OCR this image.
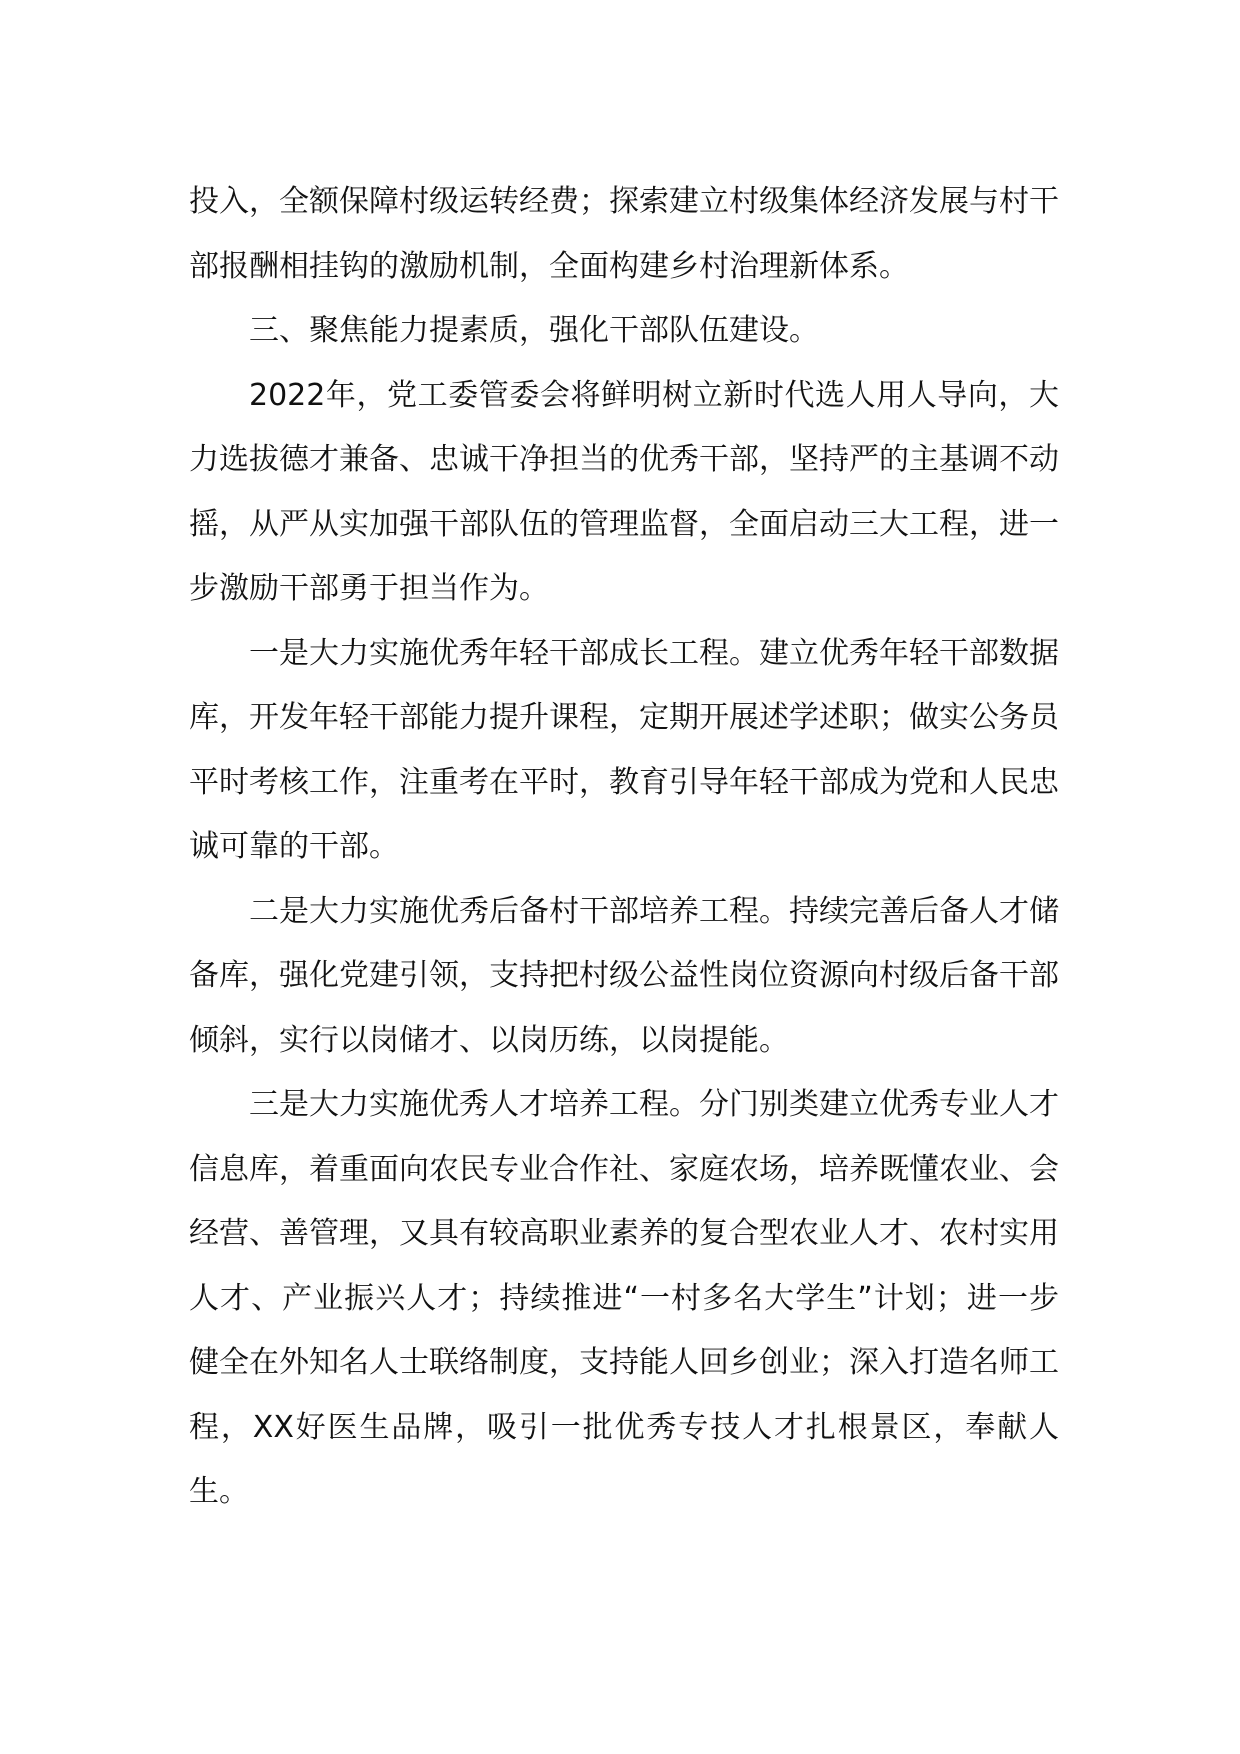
投入，全额保障村级运转经费；探索建立村级集体经济发展与村干部报酬相挂钩的激励机制，全面构建乡村治理新体系。

三、聚焦能力提素质，强化干部队伍建设。

2022年，党工委管委会将鲜明树立新时代选人用人导向，大力选拔德才兼备、忠诚干净担当的优秀干部，坚持严的主基调不动摇，从严从实加强干部队伍的管理监督，全面启动三大工程，进一步激励干部勇于担当作为。

一是大力实施优秀年轻干部成长工程。建立优秀年轻干部数据库，开发年轻干部能力提升课程，定期开展述学述职；做实公务员平时考核工作，注重考在平时，教育引导年轻干部成为党和人民忠诚可靠的干部。

二是大力实施优秀后备村干部培养工程。持续完善后备人才储备库，强化党建引领，支持把村级公益性岗位资源向村级后备干部倾斜，实行以岗储才、以岗历练，以岗提能。

三是大力实施优秀人才培养工程。分门别类建立优秀专业人才信息库，着重面向农民专业合作社、家庭农场，培养既懂农业、会经营、善管理，又具有较高职业素养的复合型农业人才、农村实用人才、产业振兴人才；持续推进“一村多名大学生”计划；进一步健全在外知名人士联络制度，支持能人回乡创业；深入打造名师工程，XX好医生品牌，吸引一批优秀专技人才扎根景区，奉献人生。
